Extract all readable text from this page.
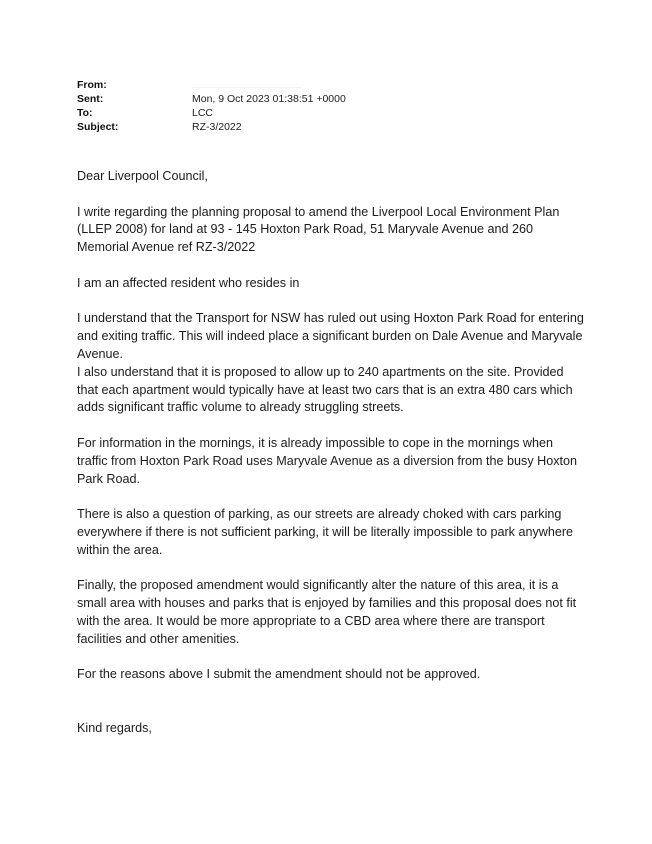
From:
Sent:	Mon, 9 Oct 2023 01:38:51 +0000
To:	LCC
Subject:	RZ-3/2022

Dear Liverpool Council,

I write regarding the planning proposal to amend the Liverpool Local Environment Plan (LLEP 2008) for land at 93 - 145 Hoxton Park Road, 51 Maryvale Avenue and 260 Memorial Avenue ref RZ-3/2022

I am an affected resident who resides in

I understand that the Transport for NSW has ruled out using Hoxton Park Road for entering and exiting traffic. This will indeed place a significant burden on Dale Avenue and Maryvale Avenue.

I also understand that it is proposed to allow up to 240 apartments on the site. Provided that each apartment would typically have at least two cars that is an extra 480 cars which adds significant traffic volume to already struggling streets.

For information in the mornings, it is already impossible to cope in the mornings when traffic from Hoxton Park Road uses Maryvale Avenue as a diversion from the busy Hoxton Park Road.

There is also a question of parking, as our streets are already choked with cars parking everywhere if there is not sufficient parking, it will be literally impossible to park anywhere within the area.

Finally, the proposed amendment would significantly alter the nature of this area, it is a small area with houses and parks that is enjoyed by families and this proposal does not fit with the area. It would be more appropriate to a CBD area where there are transport facilities and other amenities.

For the reasons above I submit the amendment should not be approved.

Kind regards,
